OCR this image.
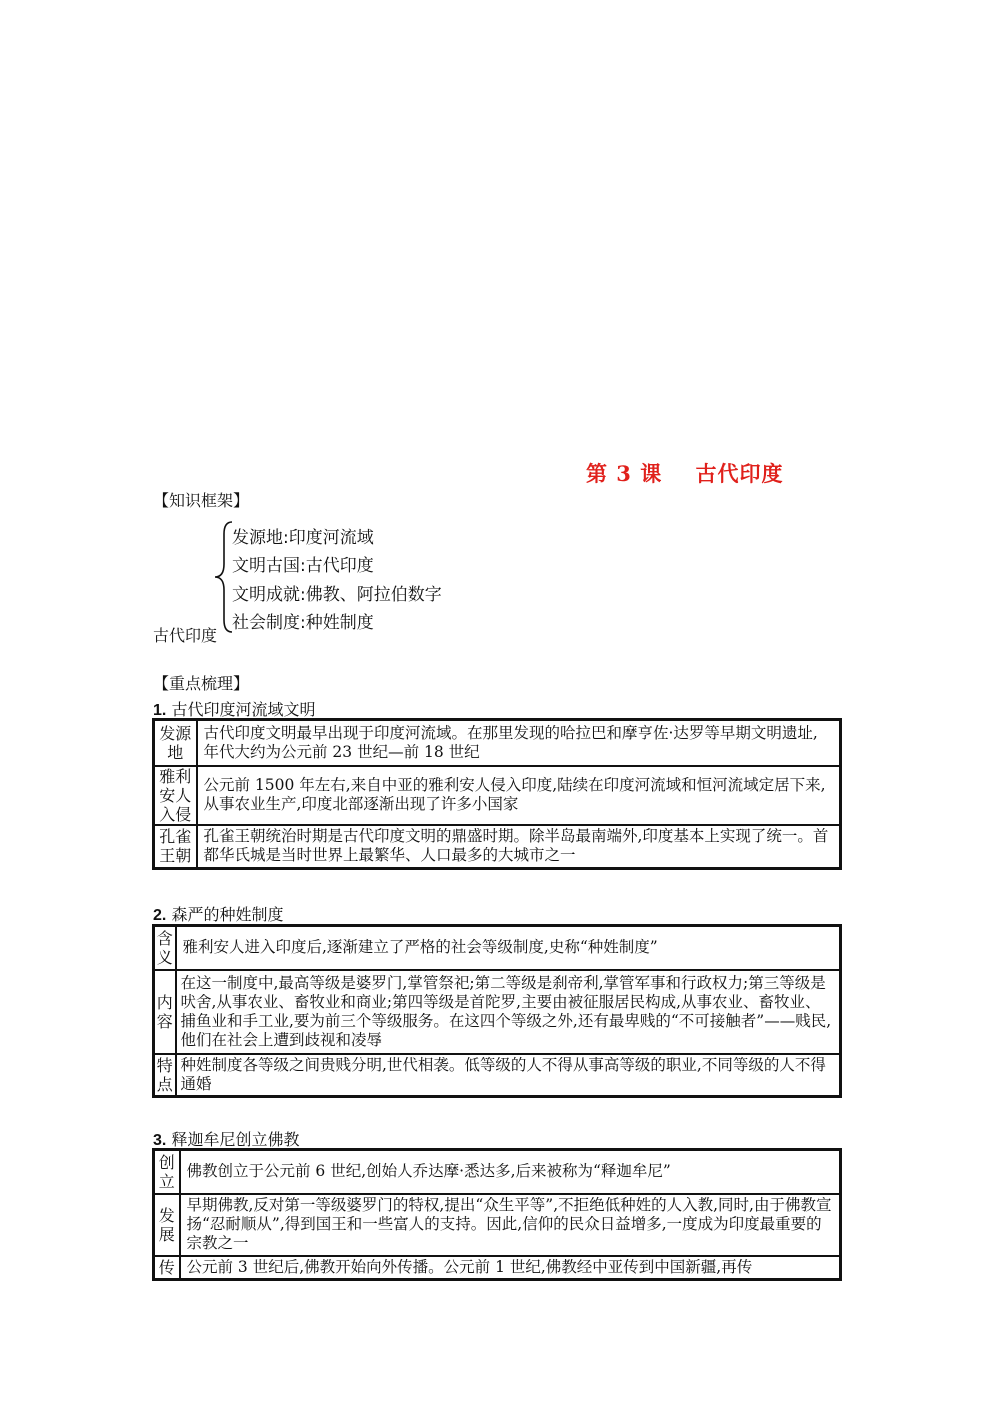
第 3 课    古代印度
【知识框架】
发源地:印度河流域
文明古国:古代印度
文明成就:佛教、阿拉伯数字
社会制度:种姓制度
古代印度
【重点梳理】
1. 古代印度河流域文明
发源地	古代印度文明最早出现于印度河流域。在那里发现的哈拉巴和摩亨佐·达罗等早期文明遗址,年代大约为公元前 23 世纪—前 18 世纪
雅利安人入侵	公元前 1500 年左右,来自中亚的雅利安人侵入印度,陆续在印度河流域和恒河流域定居下来,从事农业生产,印度北部逐渐出现了许多小国家
孔雀王朝	孔雀王朝统治时期是古代印度文明的鼎盛时期。除半岛最南端外,印度基本上实现了统一。首都华氏城是当时世界上最繁华、人口最多的大城市之一
2. 森严的种姓制度
含义	雅利安人进入印度后,逐渐建立了严格的社会等级制度,史称“种姓制度”
内容	在这一制度中,最高等级是婆罗门,掌管祭祀;第二等级是刹帝利,掌管军事和行政权力;第三等级是吠舍,从事农业、畜牧业和商业;第四等级是首陀罗,主要由被征服居民构成,从事农业、畜牧业、捕鱼业和手工业,要为前三个等级服务。在这四个等级之外,还有最卑贱的“不可接触者”——贱民,他们在社会上遭到歧视和凌辱
特点	种姓制度各等级之间贵贱分明,世代相袭。低等级的人不得从事高等级的职业,不同等级的人不得通婚
3. 释迦牟尼创立佛教
创立	佛教创立于公元前 6 世纪,创始人乔达摩·悉达多,后来被称为“释迦牟尼”
发展	早期佛教,反对第一等级婆罗门的特权,提出“众生平等”,不拒绝低种姓的人入教,同时,由于佛教宣扬“忍耐顺从”,得到国王和一些富人的支持。因此,信仰的民众日益增多,一度成为印度最重要的宗教之一
传	公元前 3 世纪后,佛教开始向外传播。公元前 1 世纪,佛教经中亚传到中国新疆,再传
